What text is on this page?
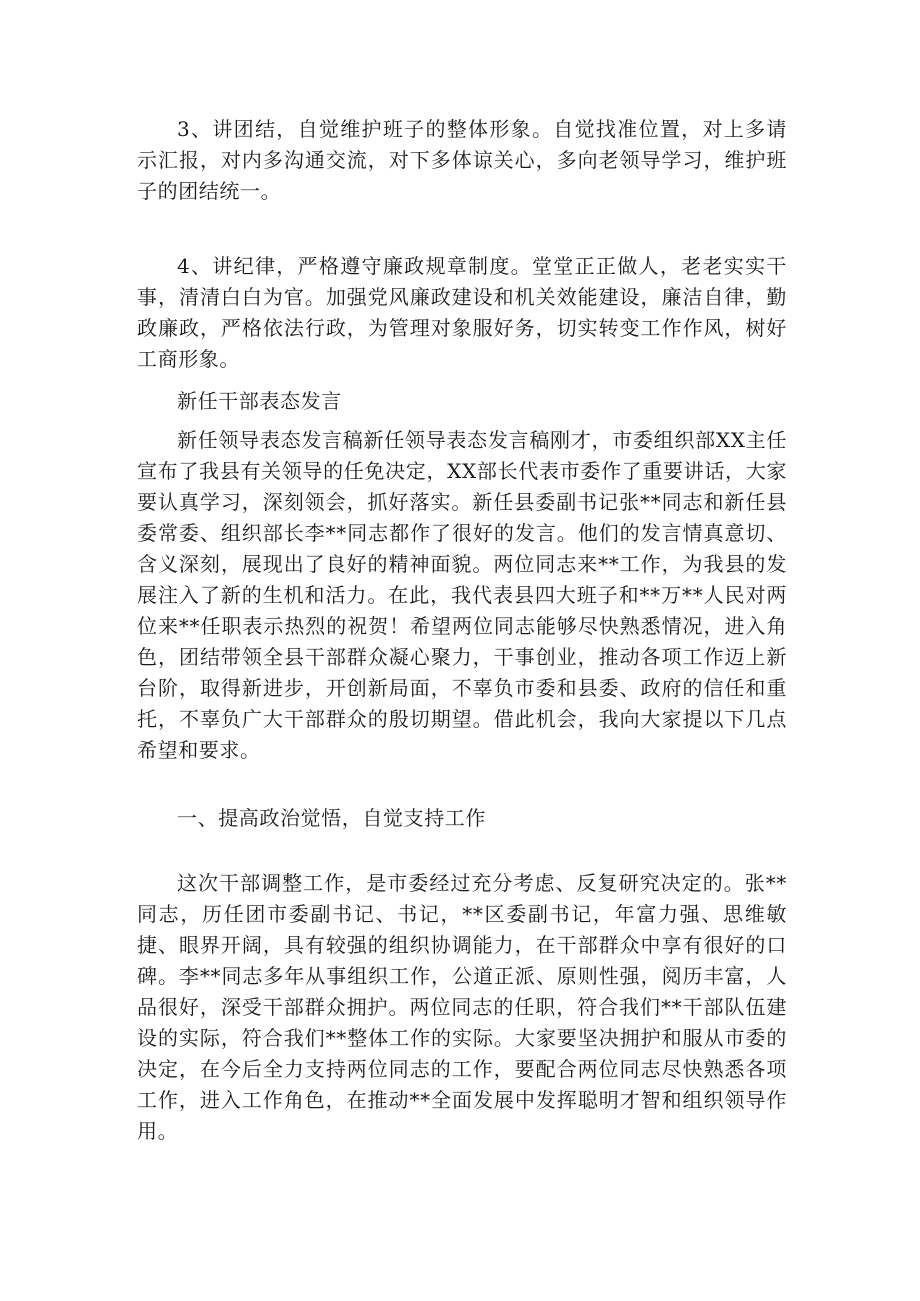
3、讲团结，自觉维护班子的整体形象。自觉找准位置，对上多请示汇报，对内多沟通交流，对下多体谅关心，多向老领导学习，维护班子的团结统一。

4、讲纪律，严格遵守廉政规章制度。堂堂正正做人，老老实实干事，清清白白为官。加强党风廉政建设和机关效能建设，廉洁自律，勤政廉政，严格依法行政，为管理对象服好务，切实转变工作作风，树好工商形象。

新任干部表态发言

新任领导表态发言稿新任领导表态发言稿刚才，市委组织部XX主任宣布了我县有关领导的任免决定，XX部长代表市委作了重要讲话，大家要认真学习，深刻领会，抓好落实。新任县委副书记张**同志和新任县委常委、组织部长李**同志都作了很好的发言。他们的发言情真意切、含义深刻，展现出了良好的精神面貌。两位同志来**工作，为我县的发展注入了新的生机和活力。在此，我代表县四大班子和**万**人民对两位来**任职表示热烈的祝贺！希望两位同志能够尽快熟悉情况，进入角色，团结带领全县干部群众凝心聚力，干事创业，推动各项工作迈上新台阶，取得新进步，开创新局面，不辜负市委和县委、政府的信任和重托，不辜负广大干部群众的殷切期望。借此机会，我向大家提以下几点希望和要求。

一、提高政治觉悟，自觉支持工作

这次干部调整工作，是市委经过充分考虑、反复研究决定的。张**同志，历任团市委副书记、书记，**区委副书记，年富力强、思维敏捷、眼界开阔，具有较强的组织协调能力，在干部群众中享有很好的口碑。李**同志多年从事组织工作，公道正派、原则性强，阅历丰富，人品很好，深受干部群众拥护。两位同志的任职，符合我们**干部队伍建设的实际，符合我们**整体工作的实际。大家要坚决拥护和服从市委的决定，在今后全力支持两位同志的工作，要配合两位同志尽快熟悉各项工作，进入工作角色，在推动**全面发展中发挥聪明才智和组织领导作用。
